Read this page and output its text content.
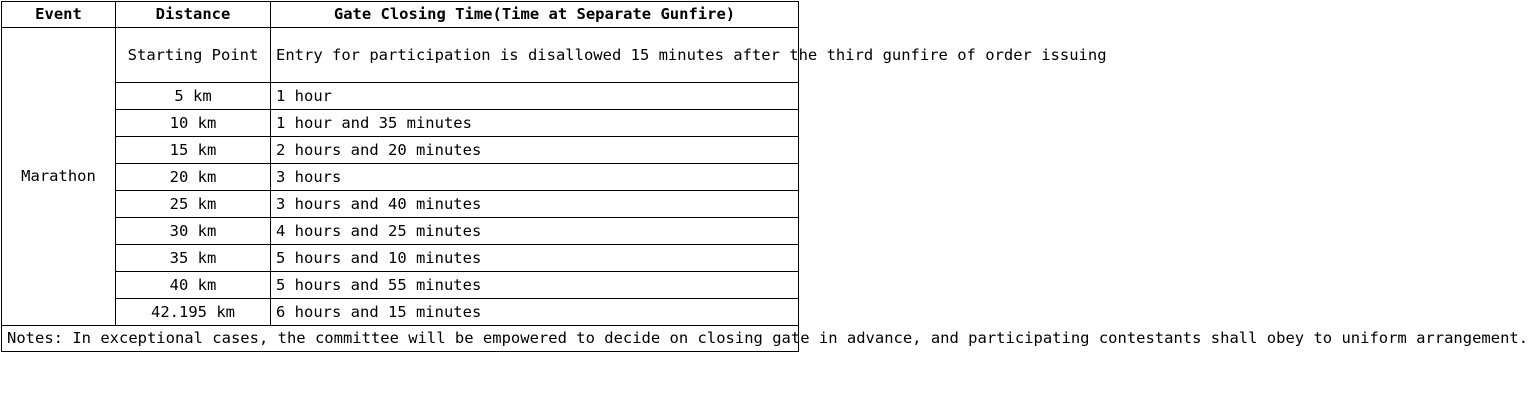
Event	Distance	Gate Closing Time(Time at Separate Gunfire)
Marathon	Starting Point	Entry for participation is disallowed 15 minutes after the third gunfire of order issuing
	5 km	1 hour
	10 km	1 hour and 35 minutes
	15 km	2 hours and 20 minutes
	20 km	3 hours
	25 km	3 hours and 40 minutes
	30 km	4 hours and 25 minutes
	35 km	5 hours and 10 minutes
	40 km	5 hours and 55 minutes
	42.195 km	6 hours and 15 minutes
Notes: In exceptional cases, the committee will be empowered to decide on closing gate in advance, and participating contestants shall obey to uniform arrangement.		
